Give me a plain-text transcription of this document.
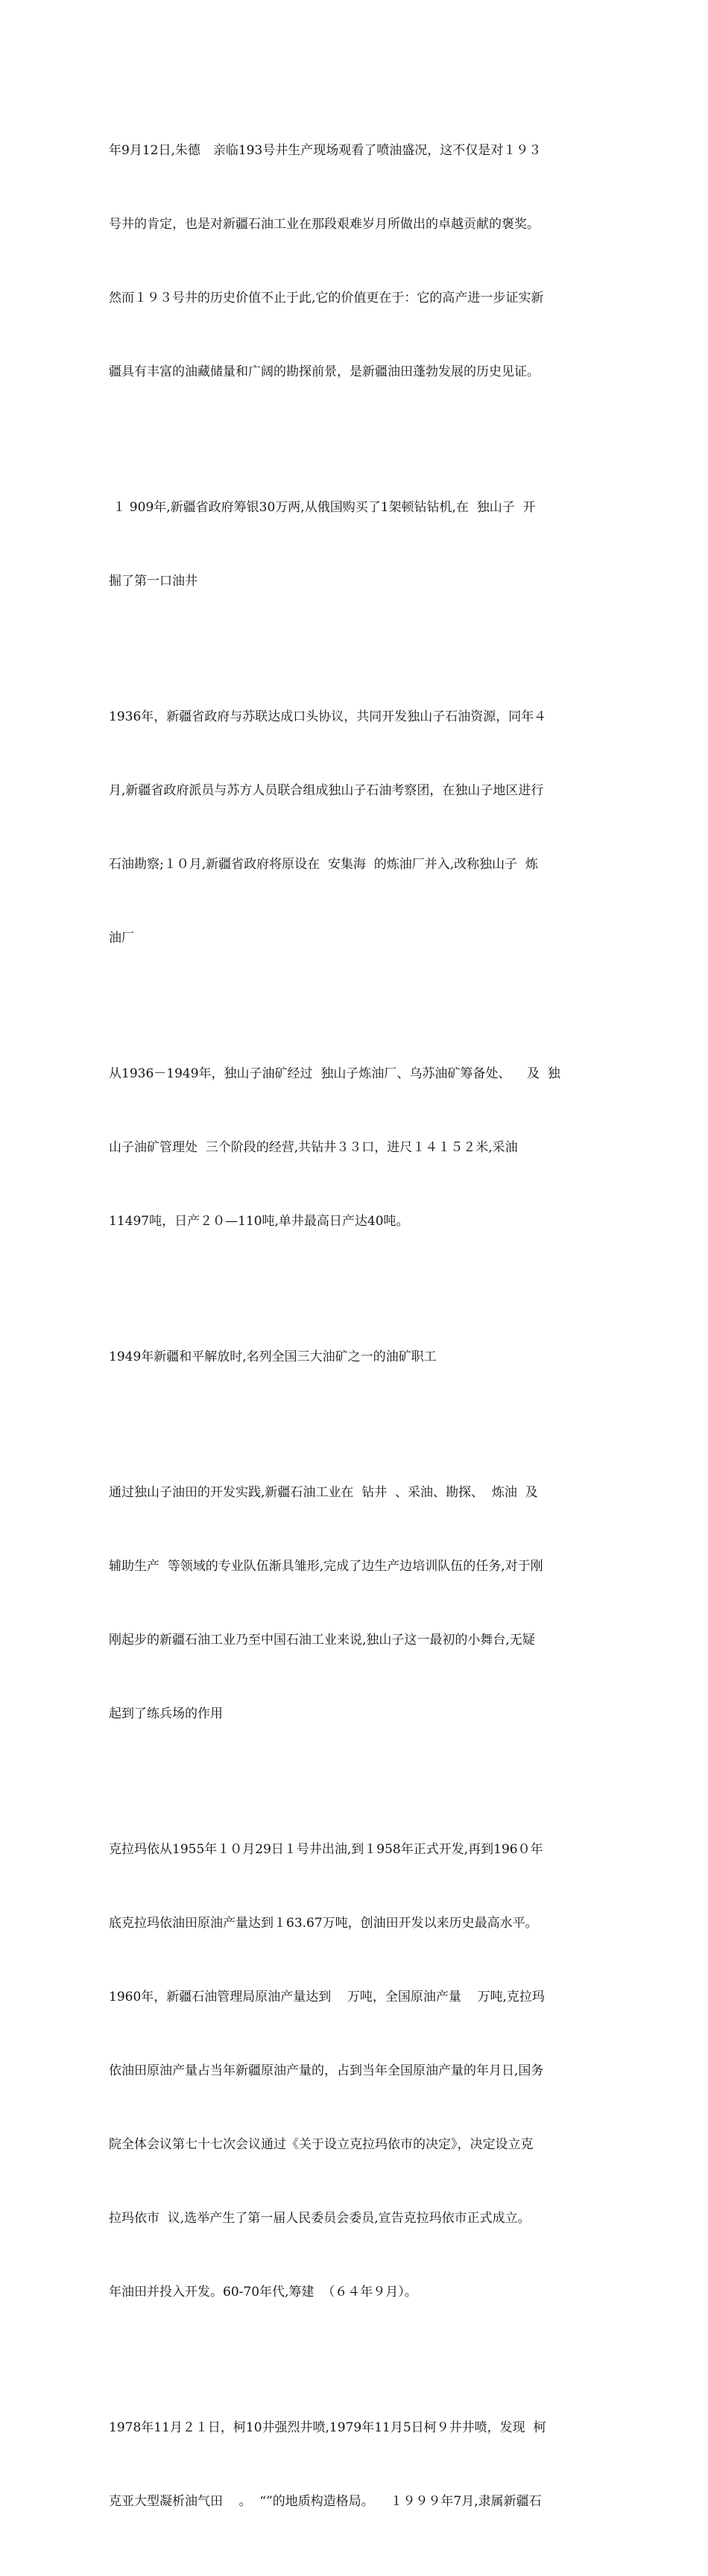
年9月12日,朱德　亲临193号井生产现场观看了喷油盛况，这不仅是对１９３

号井的肯定，也是对新疆石油工业在那段艰难岁月所做出的卓越贡献的褒奖。

然而１９３号井的历史价值不止于此,它的价值更在于：它的高产进一步证实新

疆具有丰富的油藏储量和广阔的勘探前景，是新疆油田蓬勃发展的历史见证。

１ 909年,新疆省政府筹银30万两,从俄国购买了1架顿钻钻机,在  独山子  开

掘了第一口油井

1936年，新疆省政府与苏联达成口头协议，共同开发独山子石油资源，同年４

月,新疆省政府派员与苏方人员联合组成独山子石油考察团，在独山子地区进行

石油勘察;１０月,新疆省政府将原设在  安集海  的炼油厂并入,改称独山子  炼

油厂

从1936－1949年，独山子油矿经过  独山子炼油厂、乌苏油矿筹备处、    及  独

山子油矿管理处  三个阶段的经营,共钻井３３口，进尺１４１５２米,采油

11497吨，日产２０—110吨,单井最高日产达40吨。

1949年新疆和平解放时,名列全国三大油矿之一的油矿职工

通过独山子油田的开发实践,新疆石油工业在  钻井  、采油、勘探、  炼油  及

辅助生产  等领域的专业队伍渐具雏形,完成了边生产边培训队伍的任务,对于刚

刚起步的新疆石油工业乃至中国石油工业来说,独山子这一最初的小舞台,无疑

起到了练兵场的作用

克拉玛依从1955年１０月29日１号井出油,到１958年正式开发,再到196０年

底克拉玛依油田原油产量达到１63.67万吨，创油田开发以来历史最高水平。

1960年，新疆石油管理局原油产量达到    万吨，全国原油产量    万吨,克拉玛

依油田原油产量占当年新疆原油产量的，占到当年全国原油产量的年月日,国务

院全体会议第七十七次会议通过《关于设立克拉玛依市的决定》，决定设立克

拉玛依市  议,选举产生了第一届人民委员会委员,宣告克拉玛依市正式成立。

年油田并投入开发。60-70年代,筹建  （６４年９月）。

1978年11月２１日，柯10井强烈井喷,1979年11月5日柯９井井喷，发现  柯

克亚大型凝析油气田    。  “”的地质构造格局。    １９９９年7月,隶属新疆石
